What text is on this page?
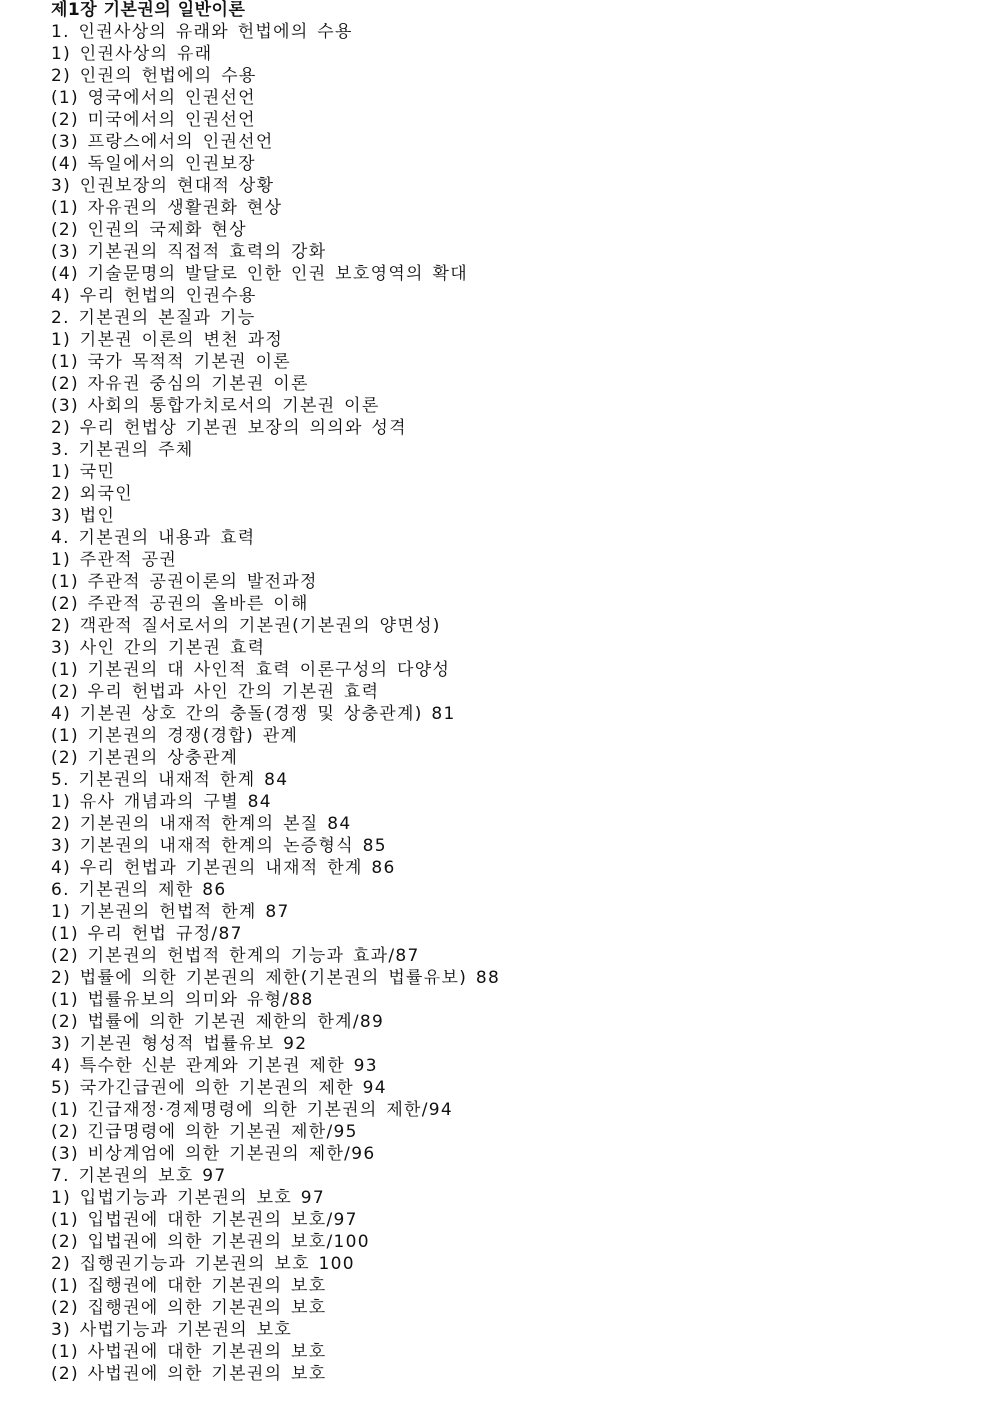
제1장 기본권의 일반이론
1. 인권사상의 유래와 헌법에의 수용
1) 인권사상의 유래
2) 인권의 헌법에의 수용
(1) 영국에서의 인권선언
(2) 미국에서의 인권선언
(3) 프랑스에서의 인권선언
(4) 독일에서의 인권보장
3) 인권보장의 현대적 상황
(1) 자유권의 생활권화 현상
(2) 인권의 국제화 현상
(3) 기본권의 직접적 효력의 강화
(4) 기술문명의 발달로 인한 인권 보호영역의 확대
4) 우리 헌법의 인권수용
2. 기본권의 본질과 기능
1) 기본권 이론의 변천 과정
(1) 국가 목적적 기본권 이론
(2) 자유권 중심의 기본권 이론
(3) 사회의 통합가치로서의 기본권 이론
2) 우리 헌법상 기본권 보장의 의의와 성격
3. 기본권의 주체
1) 국민
2) 외국인
3) 법인
4. 기본권의 내용과 효력
1) 주관적 공권
(1) 주관적 공권이론의 발전과정
(2) 주관적 공권의 올바른 이해
2) 객관적 질서로서의 기본권(기본권의 양면성)
3) 사인 간의 기본권 효력
(1) 기본권의 대 사인적 효력 이론구성의 다양성
(2) 우리 헌법과 사인 간의 기본권 효력
4) 기본권 상호 간의 충돌(경쟁 및 상충관계) 81
(1) 기본권의 경쟁(경합) 관계
(2) 기본권의 상충관계
5. 기본권의 내재적 한계 84
1) 유사 개념과의 구별 84
2) 기본권의 내재적 한계의 본질 84
3) 기본권의 내재적 한계의 논증형식 85
4) 우리 헌법과 기본권의 내재적 한계 86
6. 기본권의 제한 86
1) 기본권의 헌법적 한계 87
(1) 우리 헌법 규정/87
(2) 기본권의 헌법적 한계의 기능과 효과/87
2) 법률에 의한 기본권의 제한(기본권의 법률유보) 88
(1) 법률유보의 의미와 유형/88
(2) 법률에 의한 기본권 제한의 한계/89
3) 기본권 형성적 법률유보 92
4) 특수한 신분 관계와 기본권 제한 93
5) 국가긴급권에 의한 기본권의 제한 94
(1) 긴급재정·경제명령에 의한 기본권의 제한/94
(2) 긴급명령에 의한 기본권 제한/95
(3) 비상계엄에 의한 기본권의 제한/96
7. 기본권의 보호 97
1) 입법기능과 기본권의 보호 97
(1) 입법권에 대한 기본권의 보호/97
(2) 입법권에 의한 기본권의 보호/100
2) 집행권기능과 기본권의 보호 100
(1) 집행권에 대한 기본권의 보호
(2) 집행권에 의한 기본권의 보호
3) 사법기능과 기본권의 보호
(1) 사법권에 대한 기본권의 보호
(2) 사법권에 의한 기본권의 보호
